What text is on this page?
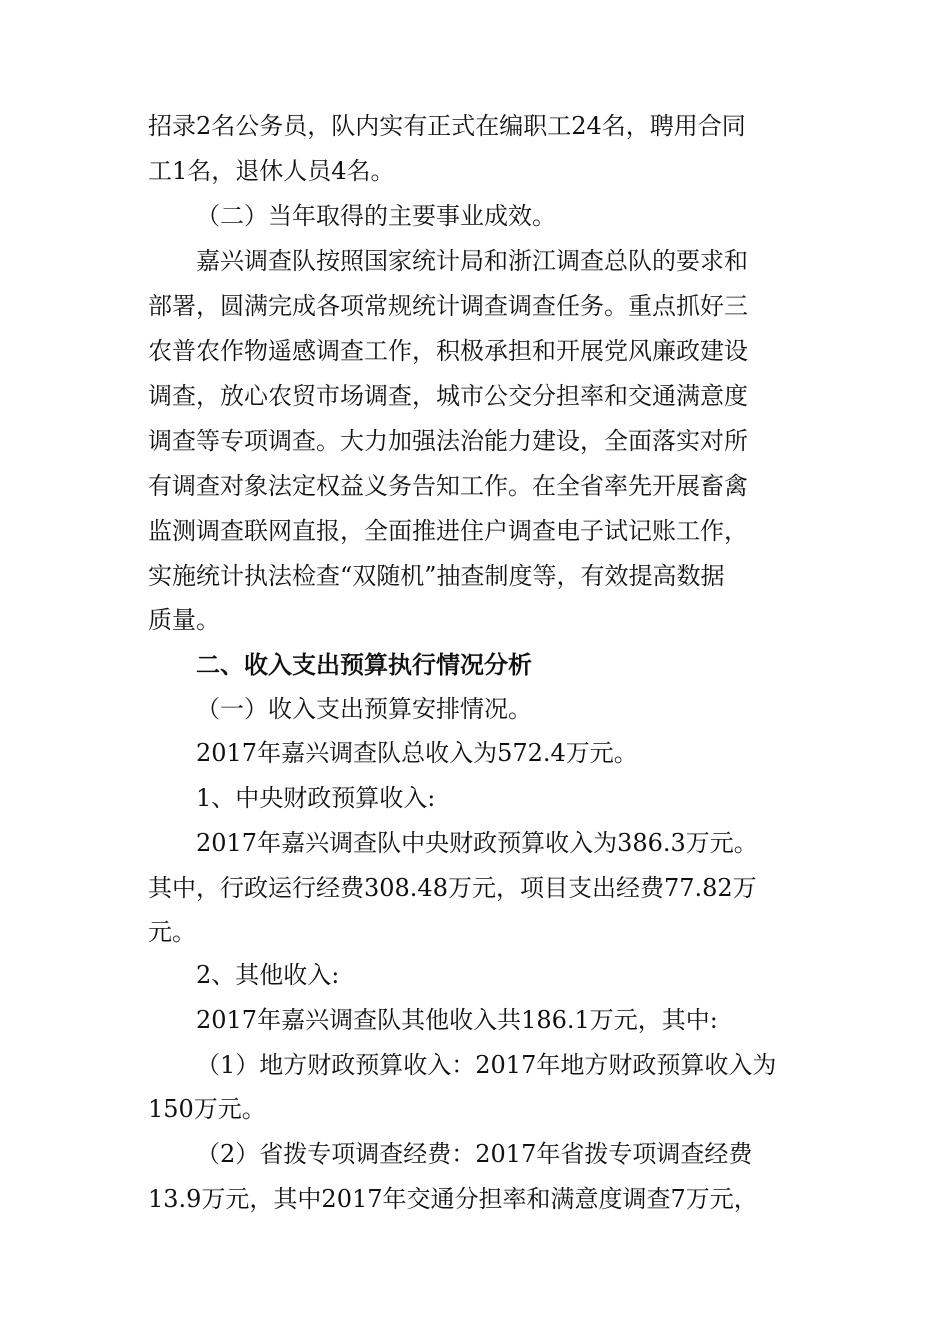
招录2名公务员，队内实有正式在编职工24名，聘用合同
工1名，退休人员4名。
（二）当年取得的主要事业成效。
嘉兴调查队按照国家统计局和浙江调查总队的要求和
部署，圆满完成各项常规统计调查调查任务。重点抓好三
农普农作物遥感调查工作，积极承担和开展党风廉政建设
调查，放心农贸市场调查，城市公交分担率和交通满意度
调查等专项调查。大力加强法治能力建设，全面落实对所
有调查对象法定权益义务告知工作。在全省率先开展畜禽
监测调查联网直报，全面推进住户调查电子试记账工作，
实施统计执法检查“双随机”抽查制度等，有效提高数据
质量。
二、收入支出预算执行情况分析
（一）收入支出预算安排情况。
2017年嘉兴调查队总收入为572.4万元。
1、中央财政预算收入:
2017年嘉兴调查队中央财政预算收入为386.3万元。
其中，行政运行经费308.48万元，项目支出经费77.82万
元。
2、其他收入:
2017年嘉兴调查队其他收入共186.1万元，其中:
（1）地方财政预算收入：2017年地方财政预算收入为
150万元。
（2）省拨专项调查经费：2017年省拨专项调查经费
13.9万元，其中2017年交通分担率和满意度调查7万元，
